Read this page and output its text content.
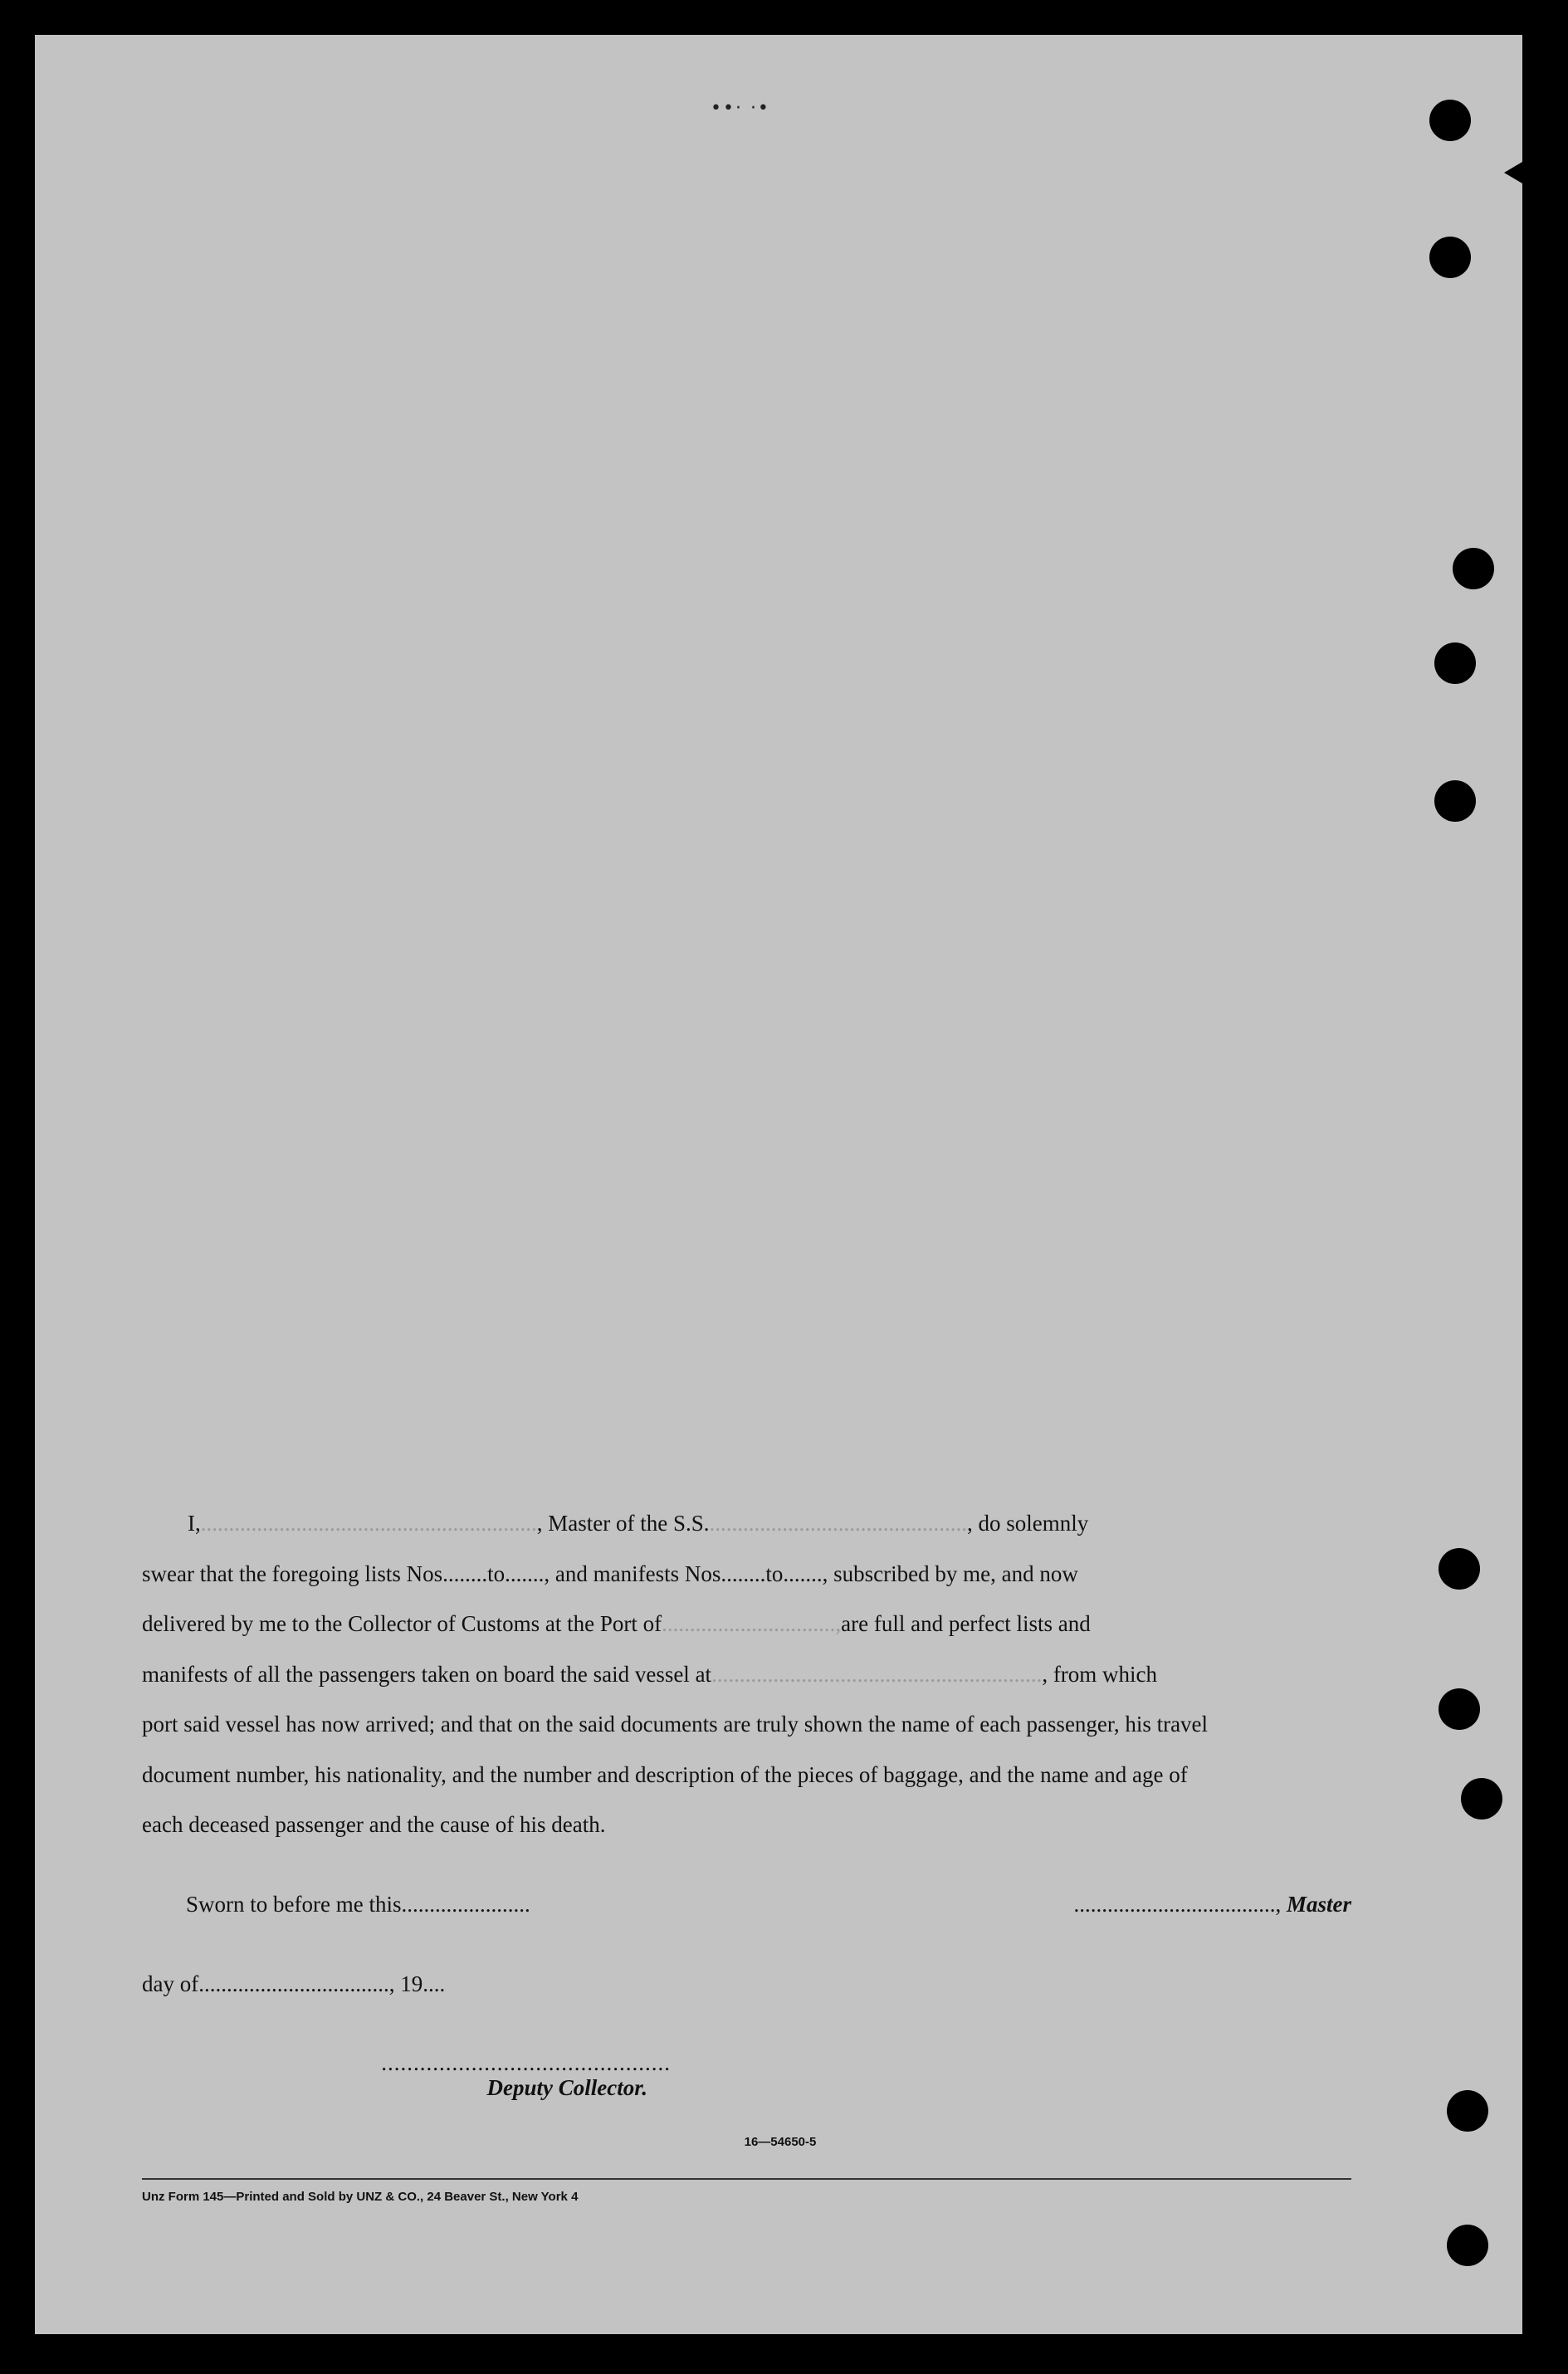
••· ·•

I,............................................................, Master of the S.S..............................................., do solemnly

swear that the foregoing lists Nos........to......., and manifests Nos........to......., subscribed by me, and now
delivered by me to the Collector of Customs at the Port of...............................,are full and perfect lists and
manifests of all the passengers taken on board the said vessel at..........................................................., from which
port said vessel has now arrived; and that on the said documents are truly shown the name of each passenger, his travel
document number, his nationality, and the number and description of the pieces of baggage, and the name and age of
each deceased passenger and the cause of his death.
Sworn to before me this.......................	...................................., Master
day of.................................., 19....
.............................................
Deputy Collector.
16—54650-5
Unz Form 145—Printed and Sold by UNZ & CO., 24 Beaver St., New York 4
